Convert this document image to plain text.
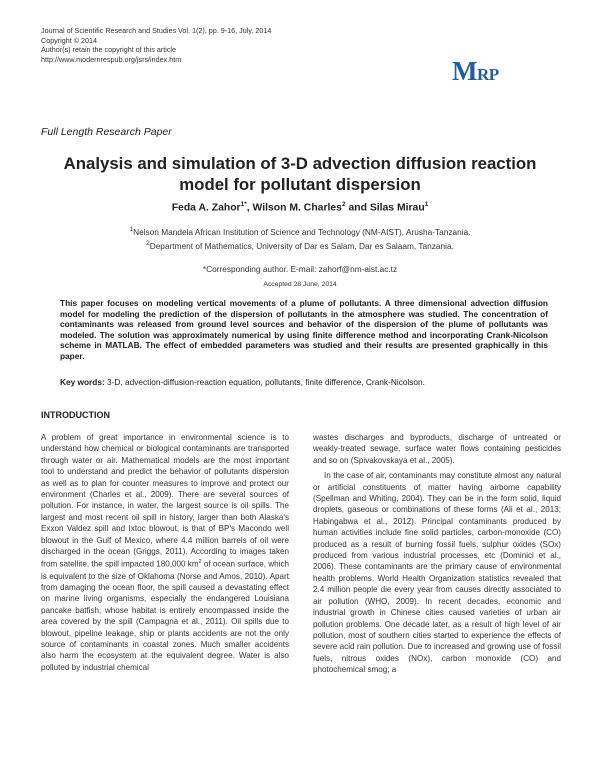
Journal of Scientific Research and Studies Vol. 1(2), pp. 9-16, July, 2014
Copyright © 2014
Author(s) retain the copyright of this article
http://www.modernrespub.org/jsrs/index.htm	MRP
Full Length Research Paper
Analysis and simulation of 3-D advection diffusion reaction model for pollutant dispersion
Feda A. Zahor$^{1*}$, Wilson M. Charles$^2$ and Silas Mirau$^1$
$^1$Nelson Mandela African Institution of Science and Technology (NM-AIST), Arusha-Tanzania.
$^2$Department of Mathematics, University of Dar es Salam, Dar es Salaam, Tanzania.
*Corresponding author. E-mail: zahorf@nm-aist.ac.tz
Accepted 28 June, 2014
This paper focuses on modeling vertical movements of a plume of pollutants. A three dimensional advection diffusion model for modeling the prediction of the dispersion of pollutants in the atmosphere was studied. The concentration of contaminants was released from ground level sources and behavior of the dispersion of the plume of pollutants was modeled. The solution was approximately numerical by using finite difference method and incorporating Crank-Nicolson scheme in MATLAB. The effect of embedded parameters was studied and their results are presented graphically in this paper.
Key words: 3-D, advection-diffusion-reaction equation, pollutants, finite difference, Crank-Nicolson.
INTRODUCTION

A problem of great importance in environmental science is to understand how chemical or biological contaminants are transported through water or air. Mathematical models are the most important tool to understand and predict the behavior of pollutants dispersion as well as to plan for counter measures to improve and protect our environment (Charles et al., 2009). There are several sources of pollution. For instance, in water, the largest source is oil spills. The largest and most recent oil spill in history, larger than both Alaska's Exxon Valdez spill and Ixtoc blowout, is that of BP's Macondo well blowout in the Gulf of Mexico, where 4.4 million barrels of oil were discharged in the ocean (Griggs, 2011). According to images taken from satellite, the spill impacted 180,000 $km^2$ of ocean surface, which is equivalent to the size of Oklahoma (Norse and Amos, 2010). Apart from damaging the ocean floor, the spill caused a devastating effect on marine living organisms, especially the endangered Louisiana pancake batfish, whose habitat is entirely encompassed inside the area covered by the spill (Campagna et al., 2011). Oil spills due to blowout, pipeline leakage, ship or plants accidents are not the only source of contaminants in coastal zones. Much smaller accidents also harm the ecosystem at the equivalent degree. Water is also polluted by industrial chemical

wastes discharges and byproducts, discharge of untreated or weakly-treated sewage, surface water flows containing pesticides and so on (Spivakovskaya et al., 2005).

In the case of air, contaminants may constitute almost any natural or artificial constituents of matter having airborne capability (Spellman and Whiting, 2004). They can be in the form solid, liquid droplets, gaseous or combinations of these forms (Ali et al., 2013; Habingabwa et al., 2012). Principal contaminants produced by human activities include fine solid particles, carbon-monoxide (CO) produced as a result of burning fossil fuels, sulphur oxides (SOx) produced from various industrial processes, etc (Dominici et al., 2006). These contaminants are the primary cause of environmental health problems. World Health Organization statistics revealed that 2.4 million people die every year from causes directly associated to air pollution (WHO, 2009). In recent decades, economic and industrial growth in Chinese cities caused varieties of urban air pollution problems. One decade later, as a result of high level of air pollution, most of southern cities started to experience the effects of severe acid rain pollution. Due to increased and growing use of fossil fuels, nitrous oxides (NOx), carbon monoxide (CO) and photochemical smog; a
